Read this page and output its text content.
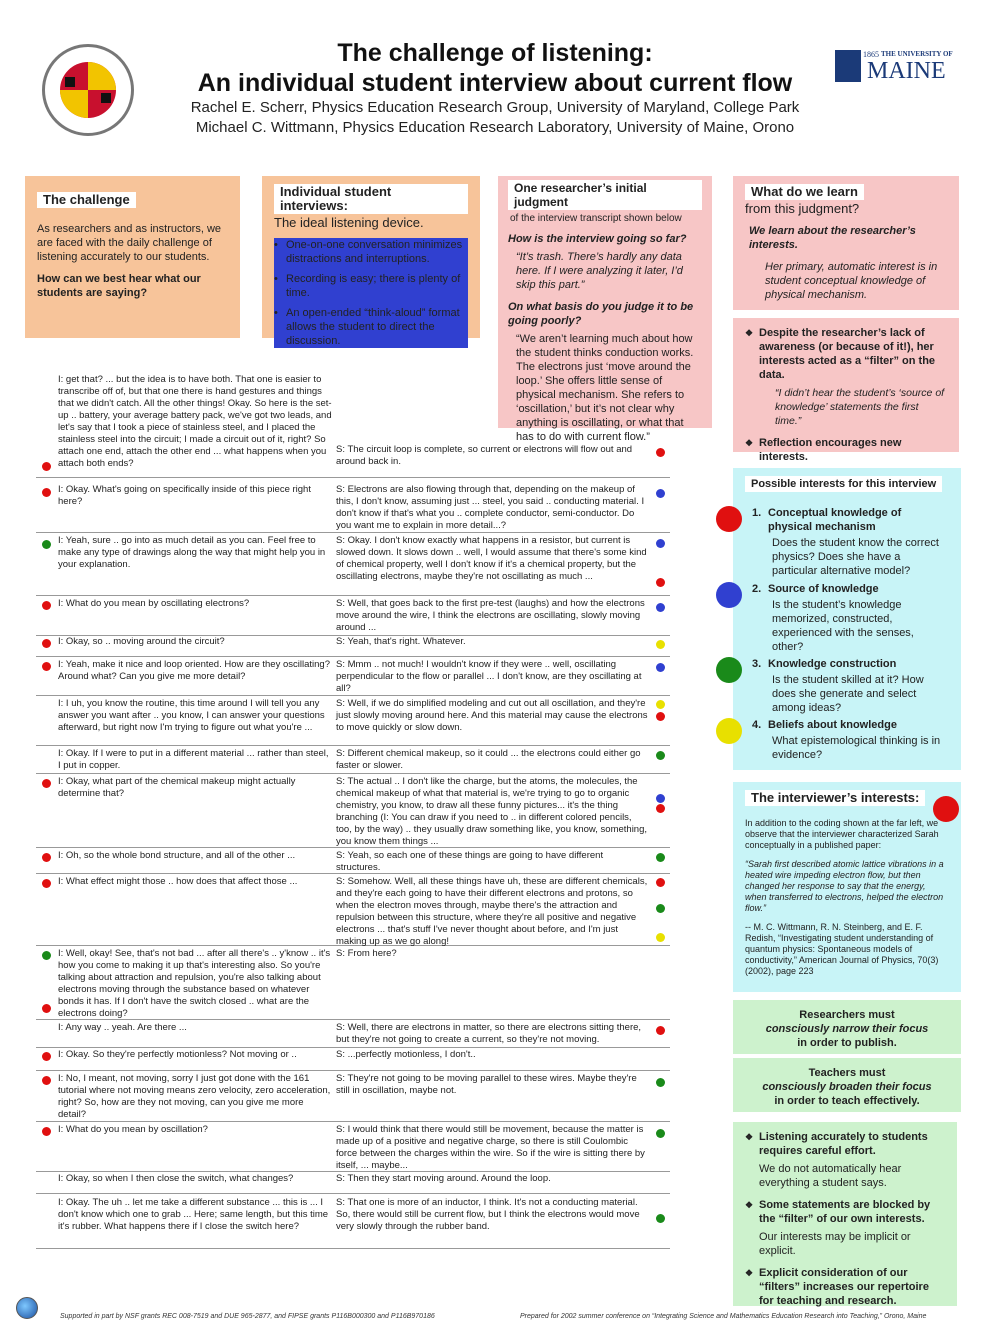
The challenge of listening:
An individual student interview about current flow
Rachel E. Scherr, Physics Education Research Group, University of Maryland, College Park
Michael C. Wittmann, Physics Education Research Laboratory, University of Maine, Orono
1865 THE UNIVERSITY OF
MAINE
The challenge
As researchers and as instructors, we are faced with the daily challenge of listening accurately to our students.
How can we best hear what our students are saying?
Individual student interviews:
The ideal listening device.
• One-on-one conversation minimizes distractions and interruptions.
• Recording is easy; there is plenty of time.
• An open-ended “think-aloud” format allows the student to direct the discussion.
One researcher’s initial judgment
of the interview transcript shown below
How is the interview going so far?
“It’s trash. There’s hardly any data here. If I were analyzing it later, I’d skip this part.”
On what basis do you judge it to be going poorly?
“We aren’t learning much about how the student thinks conduction works. The electrons just ‘move around the loop.’ She offers little sense of physical mechanism. She refers to ‘oscillation,’ but it’s not clear why anything is oscillating, or what that has to do with current flow.”
What do we learn
from this judgment?
We learn about the researcher’s interests.
Her primary, automatic interest is in student conceptual knowledge of physical mechanism.
❖ Despite the researcher’s lack of awareness (or because of it!), her interests acted as a “filter” on the data.
“I didn’t hear the student’s ‘source of knowledge’ statements the first time.”
❖ Reflection encourages new interests.
Possible interests for this interview
1. Conceptual knowledge of physical mechanism
Does the student know the correct physics? Does she have a particular alternative model?
2. Source of knowledge
Is the student’s knowledge memorized, constructed, experienced with the senses, other?
3. Knowledge construction
Is the student skilled at it? How does she generate and select among ideas?
4. Beliefs about knowledge
What epistemological thinking is in evidence?
The interviewer’s interests:
In addition to the coding shown at the far left, we observe that the interviewer characterized Sarah conceptually in a published paper:
“Sarah first described atomic lattice vibrations in a heated wire impeding electron flow, but then changed her response to say that the energy, when transferred to electrons, helped the electron flow.”
-- M. C. Wittmann, R. N. Steinberg, and E. F. Redish, “Investigating student understanding of quantum physics: Spontaneous models of conductivity,” American Journal of Physics, 70(3) (2002), page 223
Researchers must
consciously narrow their focus
in order to publish.
Teachers must
consciously broaden their focus
in order to teach effectively.
❖ Listening accurately to students requires careful effort.
We do not automatically hear everything a student says.
❖ Some statements are blocked by the “filter” of our own interests.
Our interests may be implicit or explicit.
❖ Explicit consideration of our “filters” increases our repertoire for teaching and research.
I: get that? ... but the idea is to have both. That one is easier to transcribe off of, but that one there is hand gestures and things that we didn't catch. All the other things! Okay. So here is the set-up .. battery, your average battery pack, we've got two leads, and let's say that I took a piece of stainless steel, and I placed the stainless steel into the circuit; I made a circuit out of it, right? So attach one end, attach the other end ... what happens when you attach both ends?
S: The circuit loop is complete, so current or electrons will flow out and around back in.
I: Okay. What's going on specifically inside of this piece right here?
S: Electrons are also flowing through that, depending on the makeup of this, I don't know, assuming just ... steel, you said .. conducting material. I don't know if that's what you .. complete conductor, semi-conductor. Do you want me to explain in more detail...?
I: Yeah, sure .. go into as much detail as you can. Feel free to make any type of drawings along the way that might help you in your explanation.
S: Okay. I don't know exactly what happens in a resistor, but current is slowed down. It slows down .. well, I would assume that there's some kind of chemical property, well I don't know if it's a chemical property, but the oscillating electrons, maybe they're not oscillating as much ...
I: What do you mean by oscillating electrons?	S: Well, that goes back to the first pre-test (laughs) and how the electrons move around the wire, I think the electrons are oscillating, slowly moving around ...
I: Okay, so .. moving around the circuit?	S: Yeah, that's right. Whatever.
I: Yeah, make it nice and loop oriented. How are they oscillating? Around what? Can you give me more detail?
S: Mmm .. not much! I wouldn't know if they were .. well, oscillating perpendicular to the flow or parallel ... I don't know, are they oscillating at all?
I: I uh, you know the routine, this time around I will tell you any answer you want after .. you know, I can answer your questions afterward, but right now I'm trying to figure out what you're ...
S: Well, if we do simplified modeling and cut out all oscillation, and they're just slowly moving around here. And this material may cause the electrons to move quickly or slow down.
I: Okay. If I were to put in a different material ... rather than steel, I put in copper.
S: Different chemical makeup, so it could ... the electrons could either go faster or slower.
I: Okay, what part of the chemical makeup might actually determine that?
S: The actual .. I don't like the charge, but the atoms, the molecules, the chemical makeup of what that material is, we're trying to go to organic chemistry, you know, to draw all these funny pictures... it's the thing branching (I: You can draw if you need to .. in different colored pencils, too, by the way) .. they usually draw something like, you know, something, you know them things ...
I: Oh, so the whole bond structure, and all of the other ...	S: Yeah, so each one of these things are going to have different structures.
I: What effect might those .. how does that affect those ...	S: Somehow. Well, all these things have uh, these are different chemicals, and they're each going to have their different electrons and protons, so when the electron moves through, maybe there's the attraction and repulsion between this structure, where they're all positive and negative electrons ... that's stuff I've never thought about before, and I'm just making up as we go along!
I: Well, okay! See, that's not bad ... after all there's .. y'know .. it's how you come to making it up that's interesting also. So you're talking about attraction and repulsion, you're also talking about electrons moving through the substance based on whatever bonds it has. If I don't have the switch closed .. what are the electrons doing?
S: From here?
I: Any way .. yeah. Are there ...	S: Well, there are electrons in matter, so there are electrons sitting there, but they're not going to create a current, so they're not moving.
I: Okay. So they're perfectly motionless? Not moving or ..	S: ...perfectly motionless, I don't..
I: No, I meant, not moving, sorry I just got done with the 161 tutorial where not moving means zero velocity, zero acceleration, right? So, how are they not moving, can you give me more detail?
S: They're not going to be moving parallel to these wires. Maybe they're still in oscillation, maybe not.
I: What do you mean by oscillation?	S: I would think that there would still be movement, because the matter is made up of a positive and negative charge, so there is still Coulombic force between the charges within the wire. So if the wire is sitting there by itself, ... maybe...
I: Okay, so when I then close the switch, what changes?	S: Then they start moving around. Around the loop.
I: Okay. The uh .. let me take a different substance ... this is ... I don't know which one to grab ... Here; same length, but this time it's rubber. What happens there if I close the switch here?
S: That one is more of an inductor, I think. It's not a conducting material. So, there would still be current flow, but I think the electrons would move very slowly through the rubber band.
Supported in part by NSF grants REC 008-7519 and DUE 965-2877, and FIPSE grants P116B000300 and P116B970186	Prepared for 2002 summer conference on “Integrating Science and Mathematics Education Research into Teaching,” Orono, Maine
